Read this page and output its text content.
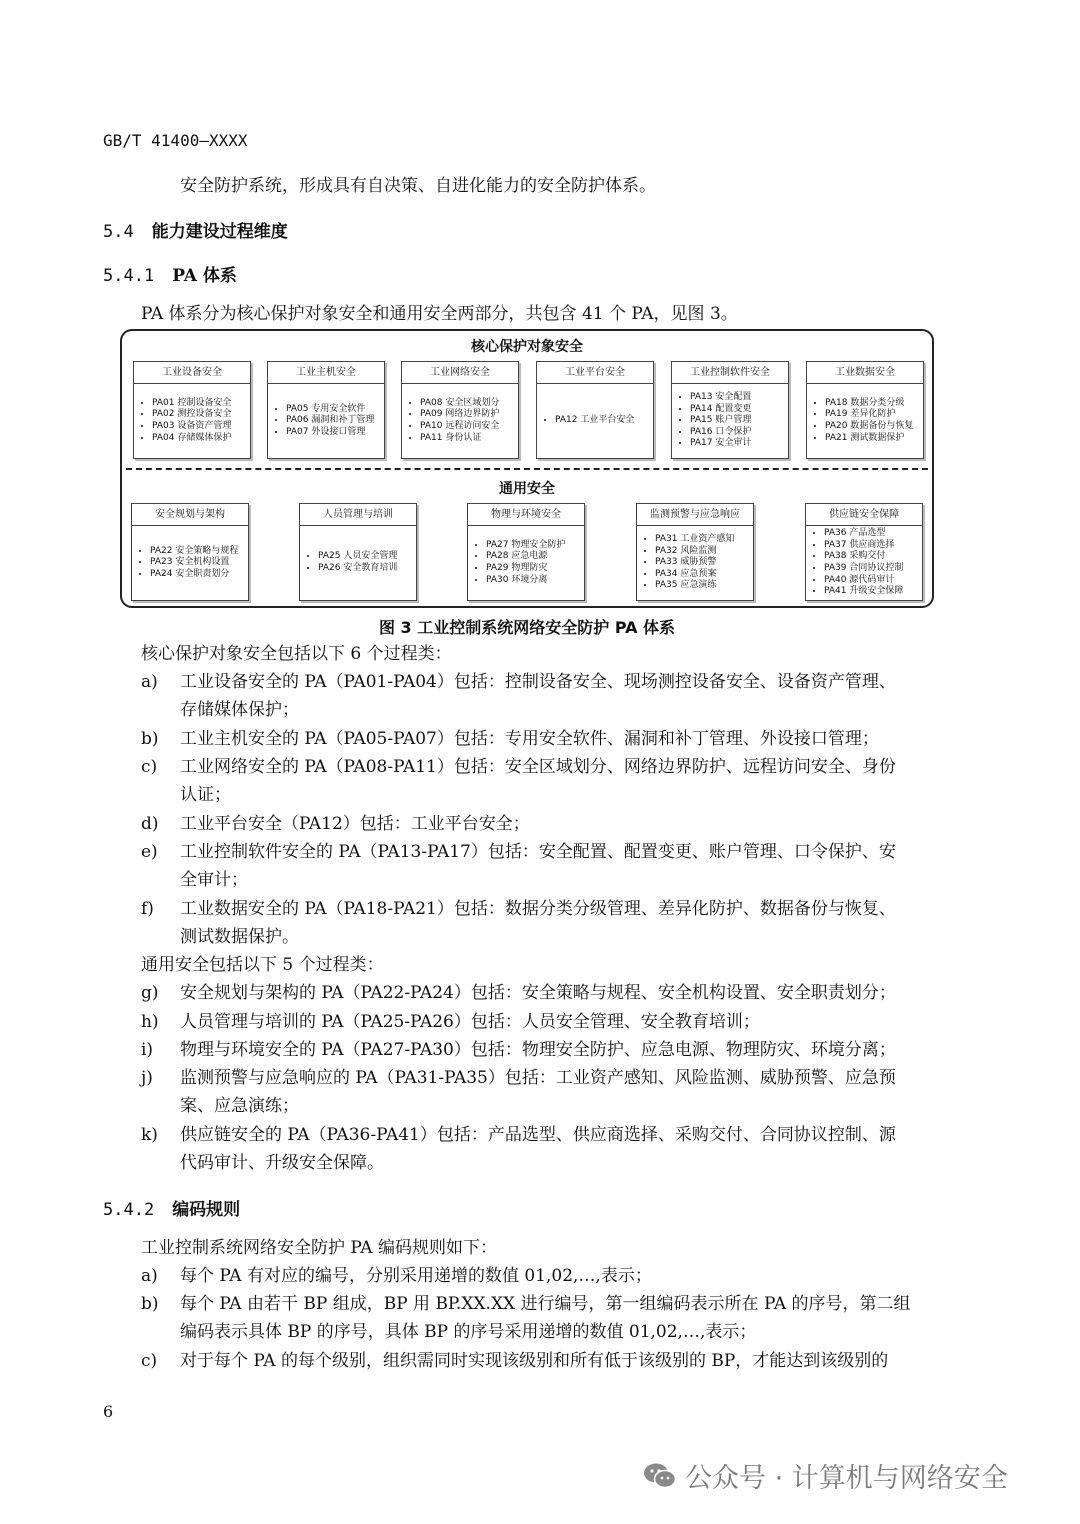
GB/T 41400—XXXX
安全防护系统，形成具有自决策、自进化能力的安全防护体系。
5.4 能力建设过程维度
5.4.1 PA 体系
PA 体系分为核心保护对象安全和通用安全两部分，共包含 41 个 PA，见图 3。
核心保护对象安全
工业设备安全
• PA01 控制设备安全
• PA02 测控设备安全
• PA03 设备资产管理
• PA04 存储媒体保护
工业主机安全
• PA05 专用安全软件
• PA06 漏洞和补丁管理
• PA07 外设接口管理
工业网络安全
• PA08 安全区域划分
• PA09 网络边界防护
• PA10 远程访问安全
• PA11 身份认证
工业平台安全
• PA12 工业平台安全
工业控制软件安全
• PA13 安全配置
• PA14 配置变更
• PA15 账户管理
• PA16 口令保护
• PA17 安全审计
工业数据安全
• PA18 数据分类分级
• PA19 差异化防护
• PA20 数据备份与恢复
• PA21 测试数据保护
通用安全
安全规划与架构
• PA22 安全策略与规程
• PA23 安全机构设置
• PA24 安全职责划分
人员管理与培训
• PA25 人员安全管理
• PA26 安全教育培训
物理与环境安全
• PA27 物理安全防护
• PA28 应急电源
• PA29 物理防灾
• PA30 环境分离
监测预警与应急响应
• PA31 工业资产感知
• PA32 风险监测
• PA33 威胁预警
• PA34 应急预案
• PA35 应急演练
供应链安全保障
• PA36 产品选型
• PA37 供应商选择
• PA38 采购交付
• PA39 合同协议控制
• PA40 源代码审计
• PA41 升级安全保障
图 3 工业控制系统网络安全防护 PA 体系
核心保护对象安全包括以下 6 个过程类：
a) 工业设备安全的 PA（PA01-PA04）包括：控制设备安全、现场测控设备安全、设备资产管理、
存储媒体保护；
b) 工业主机安全的 PA（PA05-PA07）包括：专用安全软件、漏洞和补丁管理、外设接口管理；
c) 工业网络安全的 PA（PA08-PA11）包括：安全区域划分、网络边界防护、远程访问安全、身份
认证；
d) 工业平台安全（PA12）包括：工业平台安全；
e) 工业控制软件安全的 PA（PA13-PA17）包括：安全配置、配置变更、账户管理、口令保护、安
全审计；
f) 工业数据安全的 PA（PA18-PA21）包括：数据分类分级管理、差异化防护、数据备份与恢复、
测试数据保护。
通用安全包括以下 5 个过程类：
g) 安全规划与架构的 PA（PA22-PA24）包括：安全策略与规程、安全机构设置、安全职责划分；
h) 人员管理与培训的 PA（PA25-PA26）包括：人员安全管理、安全教育培训；
i) 物理与环境安全的 PA（PA27-PA30）包括：物理安全防护、应急电源、物理防灾、环境分离；
j) 监测预警与应急响应的 PA（PA31-PA35）包括：工业资产感知、风险监测、威胁预警、应急预
案、应急演练；
k) 供应链安全的 PA（PA36-PA41）包括：产品选型、供应商选择、采购交付、合同协议控制、源
代码审计、升级安全保障。
5.4.2 编码规则
工业控制系统网络安全防护 PA 编码规则如下：
a) 每个 PA 有对应的编号，分别采用递增的数值 01,02,…,表示；
b) 每个 PA 由若干 BP 组成，BP 用 BP.XX.XX 进行编号，第一组编码表示所在 PA 的序号，第二组
编码表示具体 BP 的序号，具体 BP 的序号采用递增的数值 01,02,…,表示；
c) 对于每个 PA 的每个级别，组织需同时实现该级别和所有低于该级别的 BP，才能达到该级别的
6
公众号 · 计算机与网络安全
